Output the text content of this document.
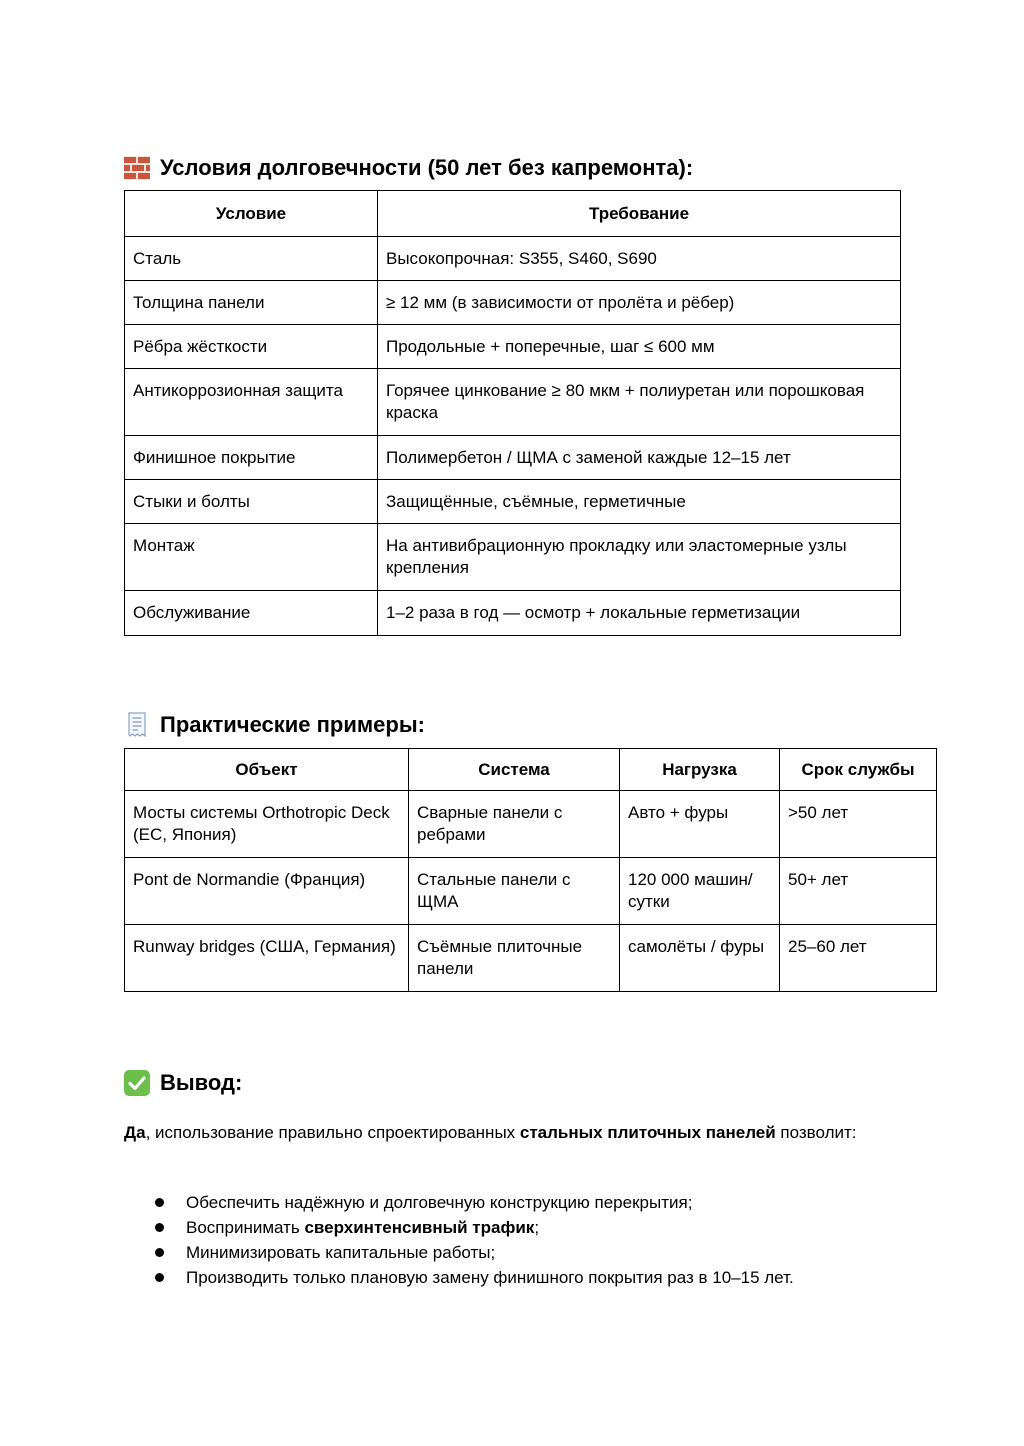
Условия долговечности (50 лет без капремонта):
Условие	Требование
Сталь	Высокопрочная: S355, S460, S690
Толщина панели	≥ 12 мм (в зависимости от пролёта и рёбер)
Рёбра жёсткости	Продольные + поперечные, шаг ≤ 600 мм
Антикоррозионная защита	Горячее цинкование ≥ 80 мкм + полиуретан или порошковая краска
Финишное покрытие	Полимербетон / ЩМА с заменой каждые 12–15 лет
Стыки и болты	Защищённые, съёмные, герметичные
Монтаж	На антивибрационную прокладку или эластомерные узлы крепления
Обслуживание	1–2 раза в год — осмотр + локальные герметизации
Практические примеры:
Объект	Система	Нагрузка	Срок службы
Мосты системы Orthotropic Deck (ЕС, Япония)	Сварные панели с ребрами	Авто + фуры	>50 лет
Pont de Normandie (Франция)	Стальные панели с ЩМА	120 000 машин/сутки	50+ лет
Runway bridges (США, Германия)	Съёмные плиточные панели	самолёты / фуры	25–60 лет
Вывод:

Да, использование правильно спроектированных стальных плиточных панелей позволит:

Обеспечить надёжную и долговечную конструкцию перекрытия;
Воспринимать сверхинтенсивный трафик;
Минимизировать капитальные работы;
Производить только плановую замену финишного покрытия раз в 10–15 лет.
